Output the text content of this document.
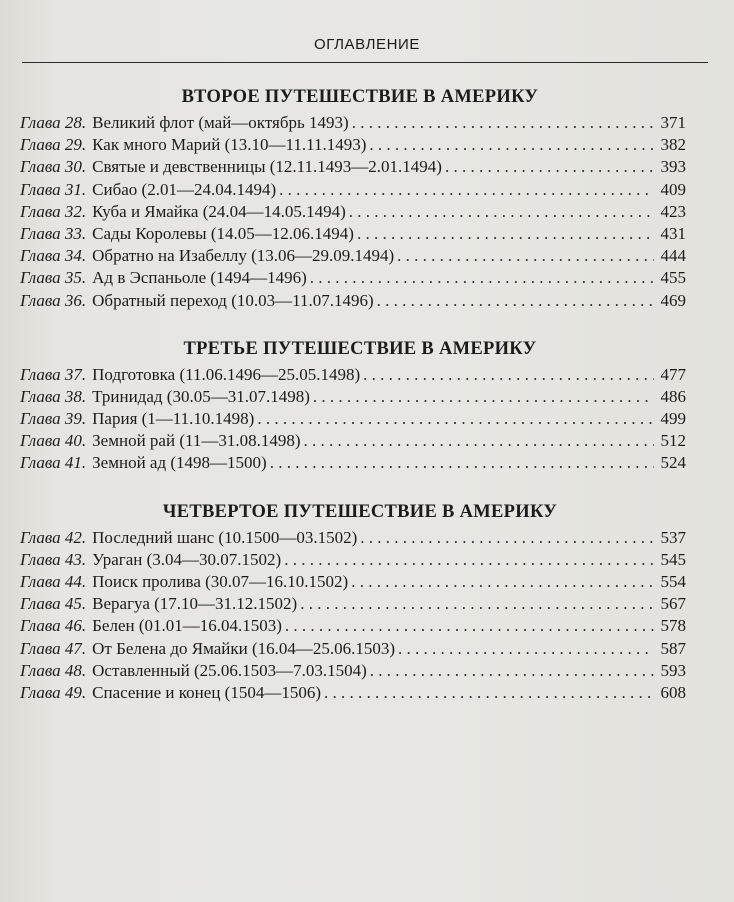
ОГЛАВЛЕНИЕ
ВТОРОЕ ПУТЕШЕСТВИЕ В АМЕРИКУ
Глава 28. Великий флот (май—октябрь 1493) . . .	371
Глава 29. Как много Марий (13.10—11.11.1493) . . .	382
Глава 30. Святые и девственницы (12.11.1493—2.01.1494) . . .	393
Глава 31. Сибао (2.01—24.04.1494) . . .	409
Глава 32. Куба и Ямайка (24.04—14.05.1494) . . .	423
Глава 33. Сады Королевы (14.05—12.06.1494) . . .	431
Глава 34. Обратно на Изабеллу (13.06—29.09.1494) . . .	444
Глава 35. Ад в Эспаньоле (1494—1496) . . .	455
Глава 36. Обратный переход (10.03—11.07.1496) . . .	469
ТРЕТЬЕ ПУТЕШЕСТВИЕ В АМЕРИКУ
Глава 37. Подготовка (11.06.1496—25.05.1498) . . .	477
Глава 38. Тринидад (30.05—31.07.1498) . . .	486
Глава 39. Пария (1—11.10.1498) . . .	499
Глава 40. Земной рай (11—31.08.1498) . . .	512
Глава 41. Земной ад (1498—1500) . . .	524
ЧЕТВЕРТОЕ ПУТЕШЕСТВИЕ В АМЕРИКУ
Глава 42. Последний шанс (10.1500—03.1502) . . .	537
Глава 43. Ураган (3.04—30.07.1502) . . .	545
Глава 44. Поиск пролива (30.07—16.10.1502) . . .	554
Глава 45. Верагуа (17.10—31.12.1502) . . .	567
Глава 46. Белен (01.01—16.04.1503) . . .	578
Глава 47. От Белена до Ямайки (16.04—25.06.1503) . . .	587
Глава 48. Оставленный (25.06.1503—7.03.1504) . . .	593
Глава 49. Спасение и конец (1504—1506) . . .	608
